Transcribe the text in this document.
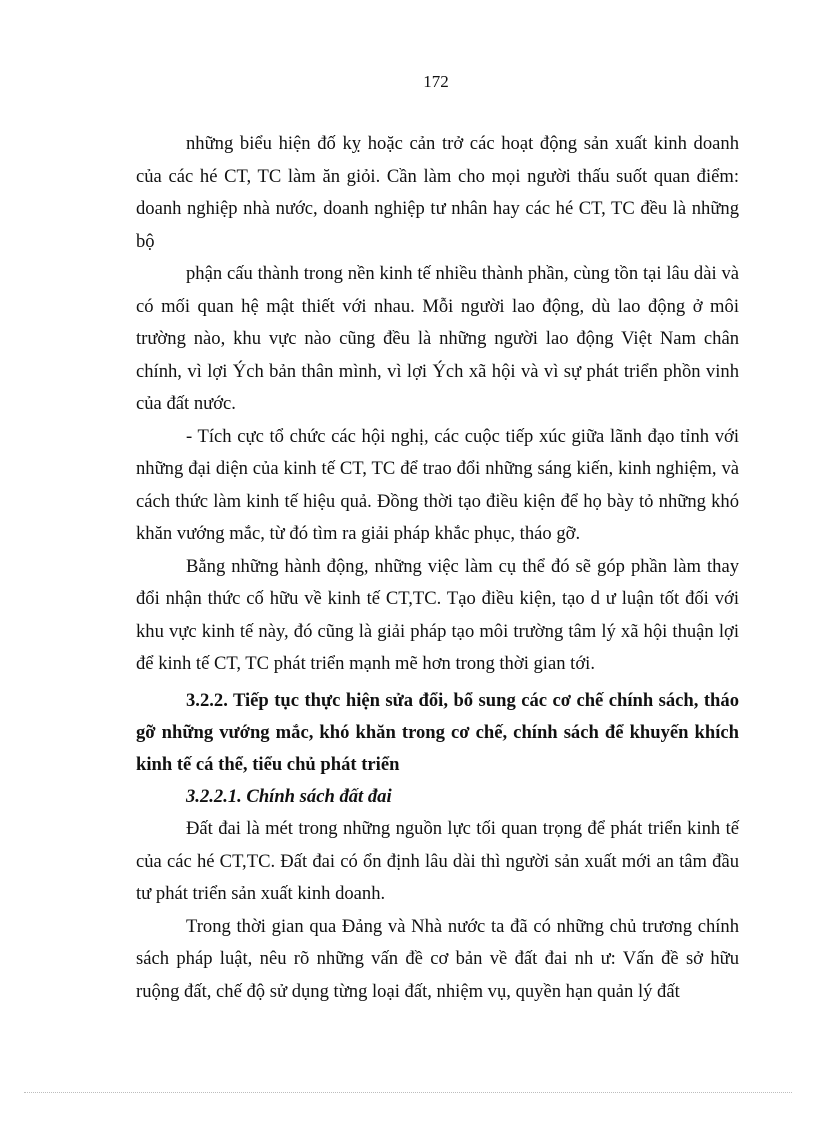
172

những biểu hiện đố kỵ hoặc cản trở các hoạt động sản xuất kinh doanh của các hé CT, TC làm ăn giỏi. Cần làm cho mọi người thấu suốt quan điểm: doanh nghiệp nhà nước, doanh nghiệp tư nhân hay các hé CT, TC đều là những bộ

phận cấu thành trong nền kinh tế nhiều thành phần, cùng tồn tại lâu dài và có mối quan hệ mật thiết với nhau. Mỗi người lao động, dù lao động ở môi trường nào, khu vực nào cũng đều là những người lao động Việt Nam chân chính, vì lợi Ých bản thân mình, vì lợi Ých xã hội và vì sự phát triển phồn vinh của đất nước.

- Tích cực tổ chức các hội nghị, các cuộc tiếp xúc giữa lãnh đạo tỉnh với những đại diện của kinh tế CT, TC để trao đổi những sáng kiến, kinh nghiệm, và cách thức làm kinh tế hiệu quả. Đồng thời tạo điều kiện để họ bày tỏ những khó khăn vướng mắc, từ đó tìm ra giải pháp khắc phục, tháo gỡ.

Bằng những hành động, những việc làm cụ thể đó sẽ góp phần làm thay đổi nhận thức cố hữu về kinh tế CT,TC. Tạo điều kiện, tạo d ư luận tốt đối với khu vực kinh tế này, đó cũng là giải pháp tạo môi trường tâm lý xã hội thuận lợi để kinh tế CT, TC phát triển mạnh mẽ hơn trong thời gian tới.

3.2.2. Tiếp tục thực hiện sửa đổi, bổ sung các cơ chế chính sách, tháo gỡ những vướng mắc, khó khăn trong cơ chế, chính sách để khuyến khích kinh tế cá thể, tiểu chủ phát triển

3.2.2.1. Chính sách đất đai

Đất đai là mét trong những nguồn lực tối quan trọng để phát triển kinh tế của các hé CT,TC. Đất đai có ổn định lâu dài thì người sản xuất mới an tâm đầu tư phát triển sản xuất kinh doanh.

Trong thời gian qua Đảng và Nhà nước ta đã có những chủ trương chính sách pháp luật, nêu rõ những vấn đề cơ bản về đất đai nh ư: Vấn đề sở hữu ruộng đất, chế độ sử dụng từng loại đất, nhiệm vụ, quyền hạn quản lý đất
